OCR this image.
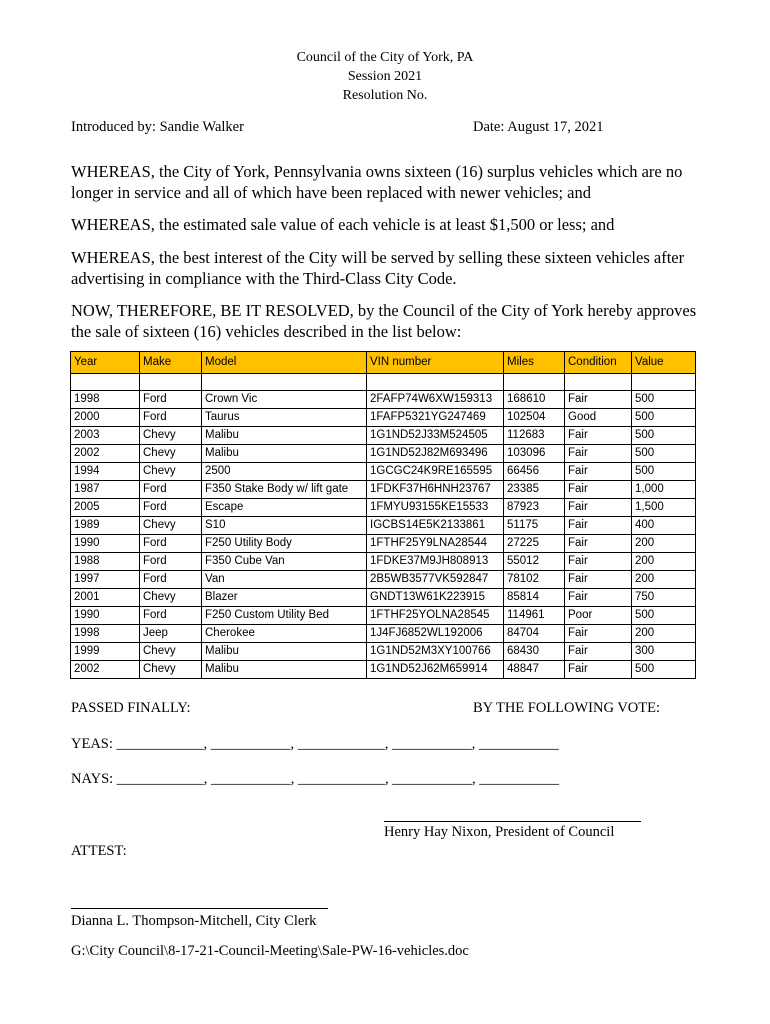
Council of the City of York, PA
Session 2021
Resolution No.
Introduced by: Sandie Walker	Date: August 17, 2021
WHEREAS, the City of York, Pennsylvania owns sixteen (16) surplus vehicles which are no longer in service and all of which have been replaced with newer vehicles; and
WHEREAS, the estimated sale value of each vehicle is at least $1,500 or less; and
WHEREAS, the best interest of the City will be served by selling these sixteen vehicles after advertising in compliance with the Third-Class City Code.
NOW, THEREFORE, BE IT RESOLVED, by the Council of the City of York hereby approves the sale of sixteen (16) vehicles described in the list below:
Year	Make	Model	VIN number	Miles	Condition	Value

1998	Ford	Crown Vic	2FAFP74W6XW159313	168610	Fair	500
2000	Ford	Taurus	1FAFP5321YG247469	102504	Good	500
2003	Chevy	Malibu	1G1ND52J33M524505	112683	Fair	500
2002	Chevy	Malibu	1G1ND52J82M693496	103096	Fair	500
1994	Chevy	2500	1GCGC24K9RE165595	66456	Fair	500
1987	Ford	F350 Stake Body w/ lift gate	1FDKF37H6HNH23767	23385	Fair	1,000
2005	Ford	Escape	1FMYU93155KE15533	87923	Fair	1,500
1989	Chevy	S10	IGCBS14E5K2133861	51175	Fair	400
1990	Ford	F250 Utility Body	1FTHF25Y9LNA28544	27225	Fair	200
1988	Ford	F350 Cube Van	1FDKE37M9JH808913	55012	Fair	200
1997	Ford	Van	2B5WB3577VK592847	78102	Fair	200
2001	Chevy	Blazer	GNDT13W61K223915	85814	Fair	750
1990	Ford	F250 Custom Utility Bed	1FTHF25YOLNA28545	114961	Poor	500
1998	Jeep	Cherokee	1J4FJ6852WL192006	84704	Fair	200
1999	Chevy	Malibu	1G1ND52M3XY100766	68430	Fair	300
2002	Chevy	Malibu	1G1ND52J62M659914	48847	Fair	500
PASSED FINALLY:	BY THE FOLLOWING VOTE:
YEAS: ____________, ___________, ____________, ___________, ___________
NAYS: ____________, ___________, ____________, ___________, ___________
Henry Hay Nixon, President of Council
ATTEST:
Dianna L. Thompson-Mitchell, City Clerk
G:\City Council\8-17-21-Council-Meeting\Sale-PW-16-vehicles.doc
